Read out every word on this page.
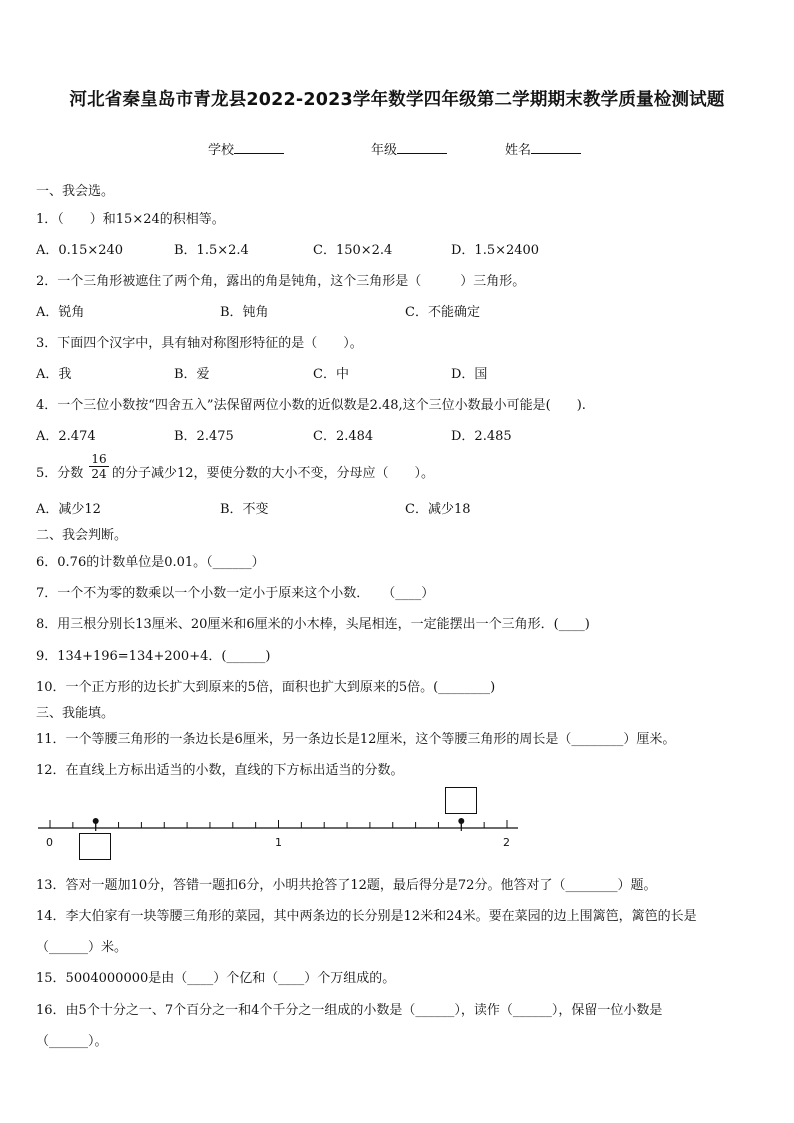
河北省秦皇岛市青龙县2022-2023学年数学四年级第二学期期末教学质量检测试题
学校	年级	姓名
一、我会选。
1．（　　）和15×24的积相等。
A．0.15×240	B．1.5×2.4	C．150×2.4	D．1.5×2400
2．一个三角形被遮住了两个角，露出的角是钝角，这个三角形是（　　　）三角形。
A．锐角	B．钝角	C．不能确定
3．下面四个汉字中，具有轴对称图形特征的是（　　）。
A．我	B．爱	C．中	D．国
4．一个三位小数按“四舍五入”法保留两位小数的近似数是2.48,这个三位小数最小可能是(　　).
A．2.474	B．2.475	C．2.484	D．2.485
5．分数 $\frac{16}{24}$ 的分子减少12，要使分数的大小不变，分母应（　　）。
A．减少12	B．不变	C．减少18
二、我会判断。
6．0.76的计数单位是0.01。（______）
7．一个不为零的数乘以一个小数一定小于原来这个小数．　　（____）
8．用三根分别长13厘米、20厘米和6厘米的小木棒，头尾相连，一定能摆出一个三角形．(____)
9．134+196=134+200+4．(______)
10．一个正方形的边长扩大到原来的5倍，面积也扩大到原来的5倍。(________)
三、我能填。
11．一个等腰三角形的一条边长是6厘米，另一条边长是12厘米，这个等腰三角形的周长是（________）厘米。
12．在直线上方标出适当的小数，直线的下方标出适当的分数。
0	1	2
13．答对一题加10分，答错一题扣6分，小明共抢答了12题，最后得分是72分。他答对了（________）题。
14．李大伯家有一块等腰三角形的菜园，其中两条边的长分别是12米和24米。要在菜园的边上围篱笆，篱笆的长是
（______）米。
15．5004000000是由（____）个亿和（____）个万组成的。
16．由5个十分之一、7个百分之一和4个千分之一组成的小数是（______），读作（______），保留一位小数是
（______）。
